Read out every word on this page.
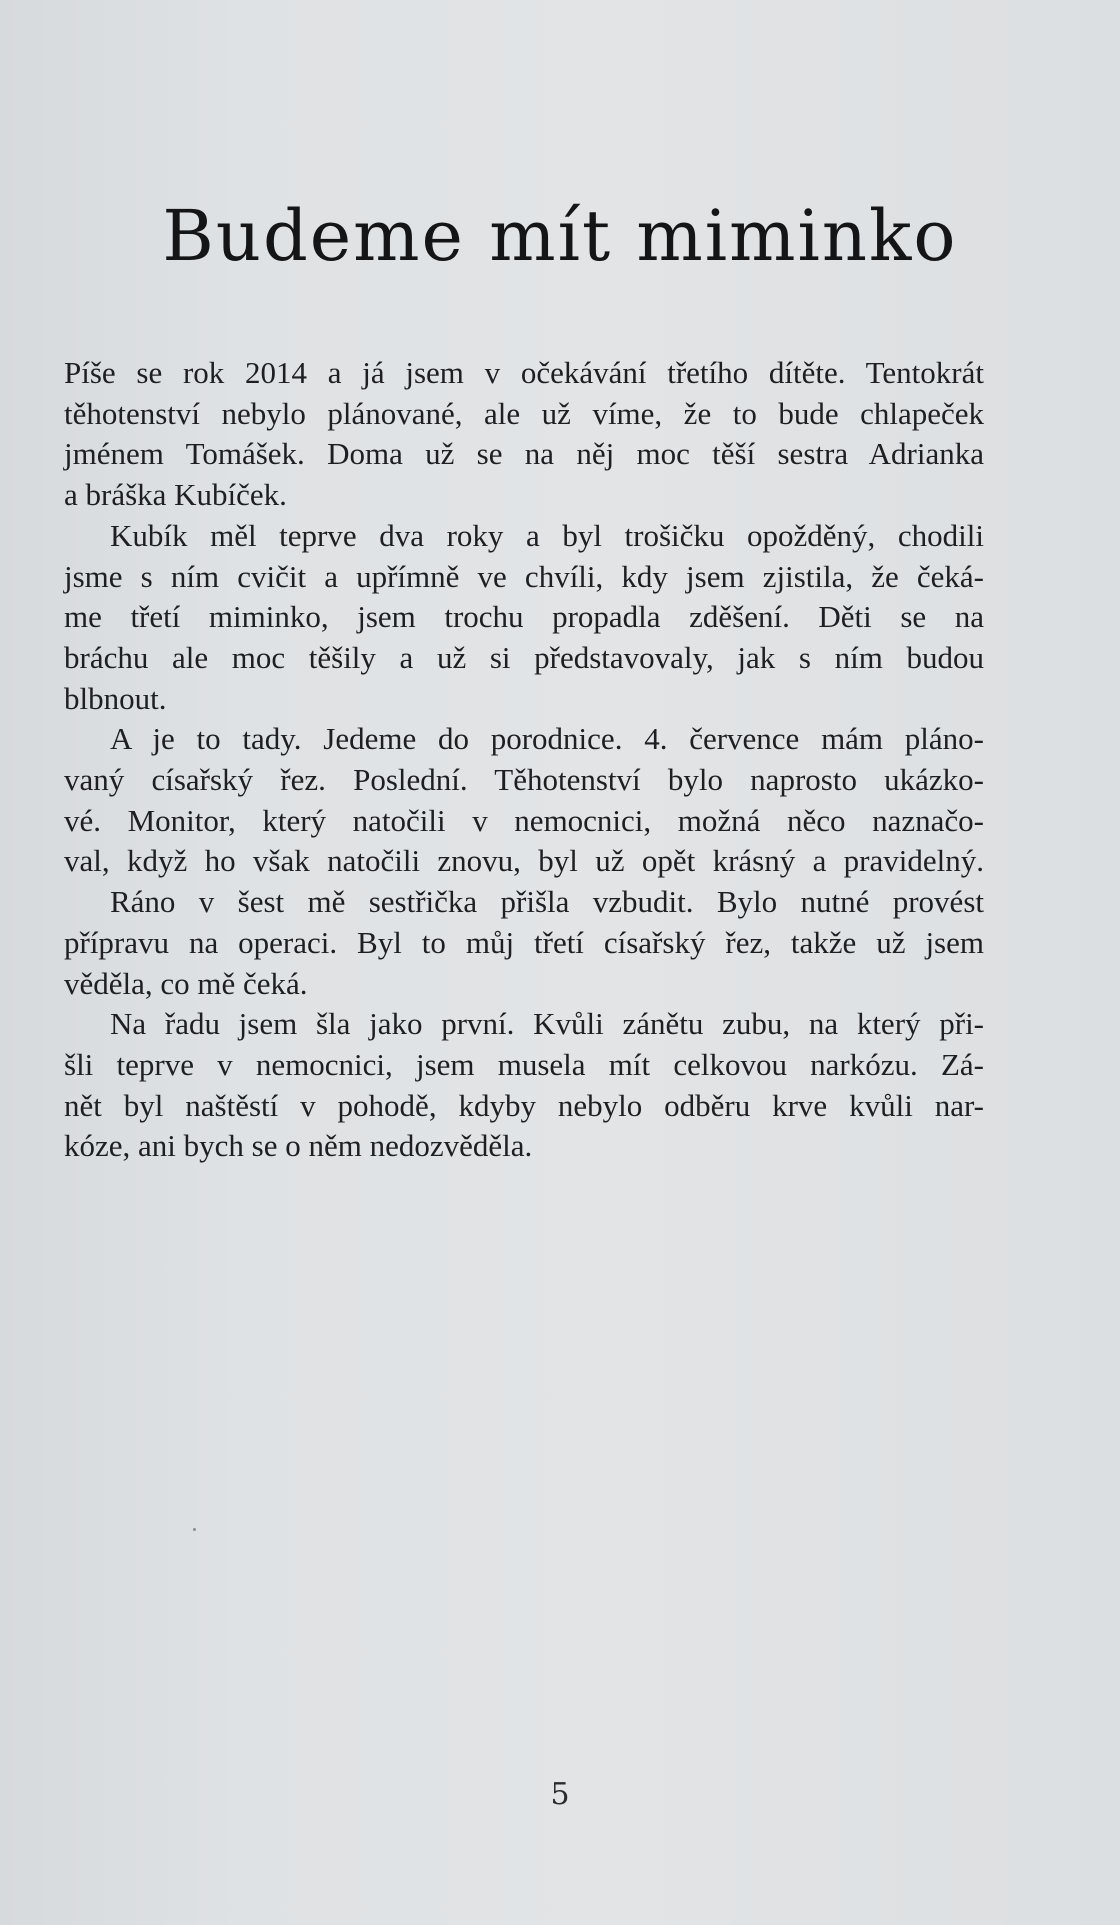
Budeme mít miminko
Píše se rok 2014 a já jsem v očekávání třetího dítěte. Tentokrát
těhotenství nebylo plánované, ale už víme, že to bude chlapeček
jménem Tomášek. Doma už se na něj moc těší sestra Adrianka
a bráška Kubíček.
Kubík měl teprve dva roky a byl trošičku opožděný, chodili
jsme s ním cvičit a upřímně ve chvíli, kdy jsem zjistila, že čeká-
me třetí miminko, jsem trochu propadla zděšení. Děti se na
bráchu ale moc těšily a už si představovaly, jak s ním budou
blbnout.
A je to tady. Jedeme do porodnice. 4. července mám pláno-
vaný císařský řez. Poslední. Těhotenství bylo naprosto ukázko-
vé. Monitor, který natočili v nemocnici, možná něco naznačo-
val, když ho však natočili znovu, byl už opět krásný a pravidelný.
Ráno v šest mě sestřička přišla vzbudit. Bylo nutné provést
přípravu na operaci. Byl to můj třetí císařský řez, takže už jsem
věděla, co mě čeká.
Na řadu jsem šla jako první. Kvůli zánětu zubu, na který při-
šli teprve v nemocnici, jsem musela mít celkovou narkózu. Zá-
nět byl naštěstí v pohodě, kdyby nebylo odběru krve kvůli nar-
kóze, ani bych se o něm nedozvěděla.
5
